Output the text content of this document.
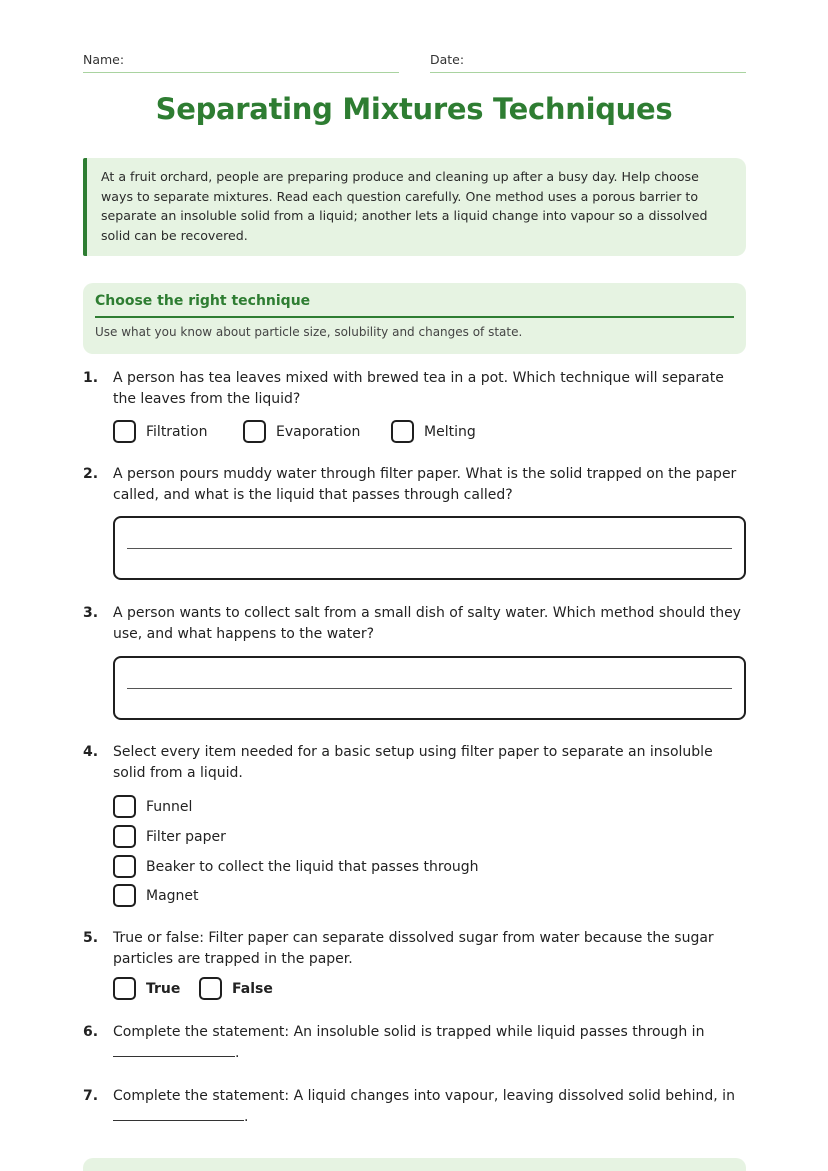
Name:	Date:
Separating Mixtures Techniques
At a fruit orchard, people are preparing produce and cleaning up after a busy day. Help choose ways to separate mixtures. Read each question carefully. One method uses a porous barrier to separate an insoluble solid from a liquid; another lets a liquid change into vapour so a dissolved solid can be recovered.
Choose the right technique
Use what you know about particle size, solubility and changes of state.
1. A person has tea leaves mixed with brewed tea in a pot. Which technique will separate the leaves from the liquid?
Filtration	Evaporation	Melting
2. A person pours muddy water through filter paper. What is the solid trapped on the paper called, and what is the liquid that passes through called?
3. A person wants to collect salt from a small dish of salty water. Which method should they use, and what happens to the water?
4. Select every item needed for a basic setup using filter paper to separate an insoluble solid from a liquid.
Funnel
Filter paper
Beaker to collect the liquid that passes through
Magnet
5. True or false: Filter paper can separate dissolved sugar from water because the sugar particles are trapped in the paper.
True	False
6. Complete the statement: An insoluble solid is trapped while liquid passes through in
.
7. Complete the statement: A liquid changes into vapour, leaving dissolved solid behind, in
.
